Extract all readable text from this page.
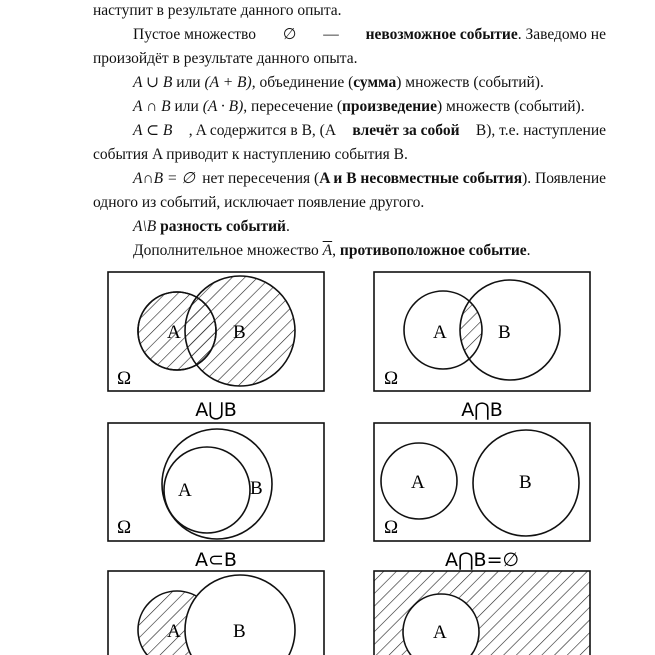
наступит в результате данного опыта.
Пустое множество ∅ — невозможное событие. Заведомо не
произойдёт в результате данного опыта.
A ∪ B или (A + B), объединение (сумма) множеств (событий).
A ∩ B или (A · B), пересечение (произведение) множеств (событий).
A ⊂ B , A содержится в B, (A влечёт за собой B), т.е. наступление
события A приводит к наступлению события B.
A∩B = ∅ нет пересечения (A и B несовместные события). Появление
одного из событий, исключает появление другого.
A\B разность событий.
Дополнительное множество $\overline{A}$, противоположное событие.
A	B
Ω
A⋃B
A	B
Ω
A⋂B
A	B
Ω
A⊂B
A	B
Ω
A⋂B=∅
A	B	A
